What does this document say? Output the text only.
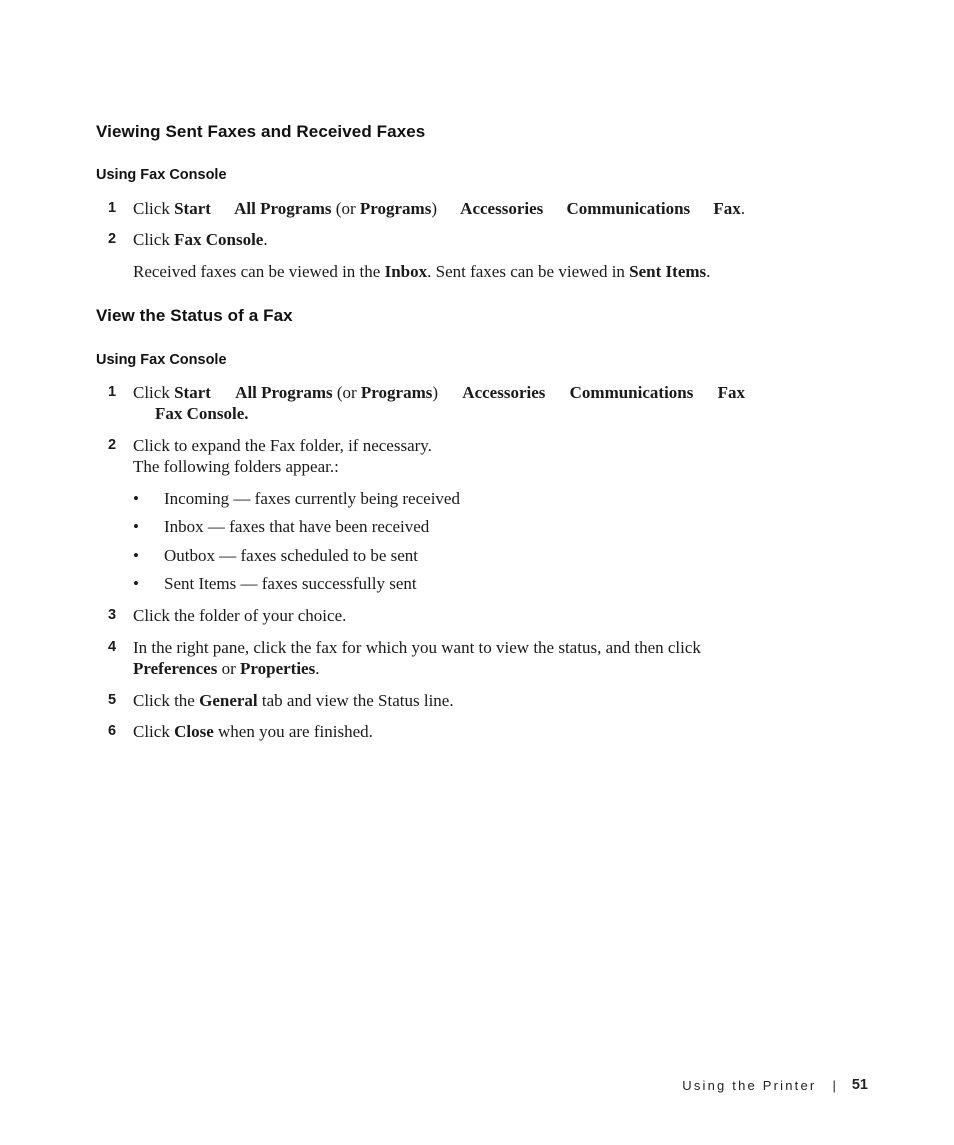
Viewing Sent Faxes and Received Faxes
Using Fax Console
1 Click Start All Programs (or Programs) Accessories Communications Fax.
2 Click Fax Console.
Received faxes can be viewed in the Inbox. Sent faxes can be viewed in Sent Items.
View the Status of a Fax
Using Fax Console
1 Click Start All Programs (or Programs) Accessories Communications Fax
Fax Console.
2 Click to expand the Fax folder, if necessary.
The following folders appear.:
• Incoming — faxes currently being received
• Inbox — faxes that have been received
• Outbox — faxes scheduled to be sent
• Sent Items — faxes successfully sent
3 Click the folder of your choice.
4 In the right pane, click the fax for which you want to view the status, and then click
Preferences or Properties.
5 Click the General tab and view the Status line.
6 Click Close when you are finished.
Using the Printer | 51
